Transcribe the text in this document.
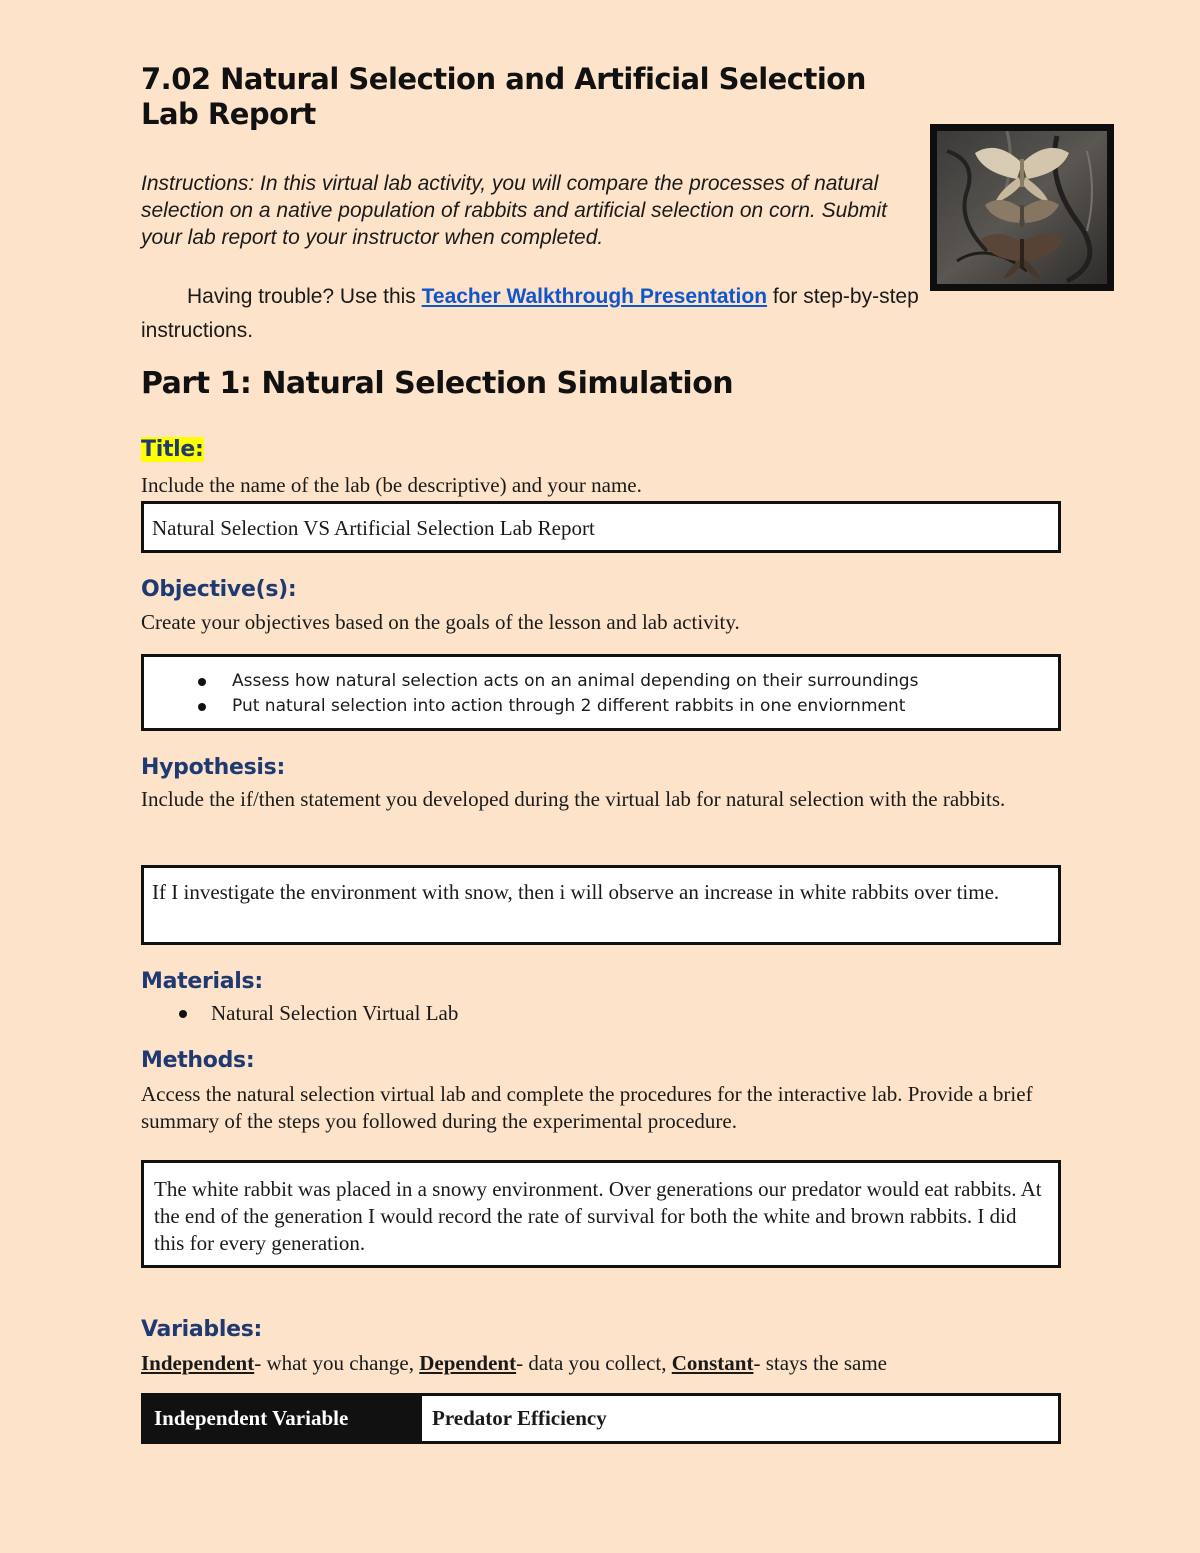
7.02 Natural Selection and Artificial Selection
Lab Report
Instructions: In this virtual lab activity, you will compare the processes of natural selection on a native population of rabbits and artificial selection on corn. Submit your lab report to your instructor when completed.
Having trouble? Use this Teacher Walkthrough Presentation for step-by-step instructions.
Part 1: Natural Selection Simulation
Title:
Include the name of the lab (be descriptive) and your name.
Natural Selection VS Artificial Selection Lab Report
Objective(s):
Create your objectives based on the goals of the lesson and lab activity.
Assess how natural selection acts on an animal depending on their surroundings
Put natural selection into action through 2 different rabbits in one enviornment
Hypothesis:
Include the if/then statement you developed during the virtual lab for natural selection with the rabbits.
If I investigate the environment with snow, then i will observe an increase in white rabbits over time.
Materials:
Natural Selection Virtual Lab
Methods:
Access the natural selection virtual lab and complete the procedures for the interactive lab. Provide a brief summary of the steps you followed during the experimental procedure.
The white rabbit was placed in a snowy environment. Over generations our predator would eat rabbits. At the end of the generation I would record the rate of survival for both the white and brown rabbits. I did this for every generation.
Variables:
Independent- what you change, Dependent- data you collect, Constant- stays the same
Independent Variable	Predator Efficiency
